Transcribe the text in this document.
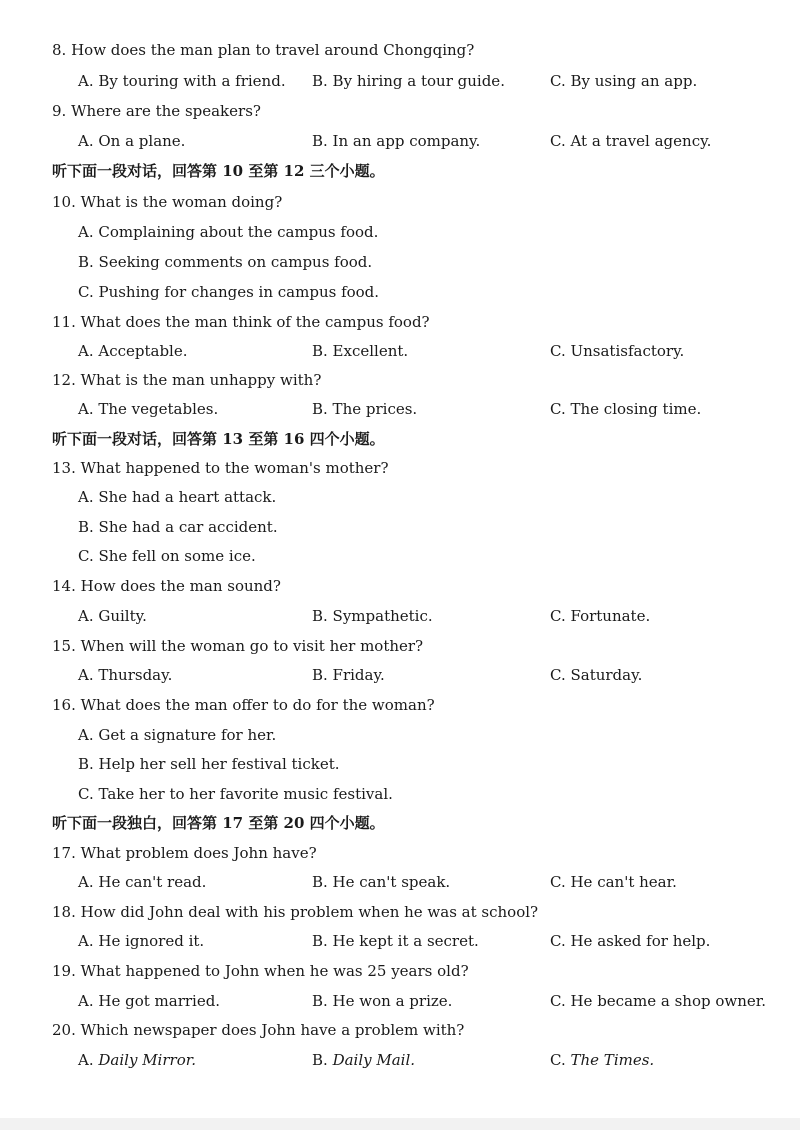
8. How does the man plan to travel around Chongqing?
A. By touring with a friend. B. By hiring a tour guide.	C. By using an app.
9. Where are the speakers?
A. On a plane.	B. In an app company.	C. At a travel agency.
听下面一段对话，回答第 10 至第 12 三个小题。
10. What is the woman doing?
A. Complaining about the campus food.
B. Seeking comments on campus food.
C. Pushing for changes in campus food.
11. What does the man think of the campus food?
A. Acceptable.	B. Excellent.	C. Unsatisfactory.
12. What is the man unhappy with?
A. The vegetables.	B. The prices.	C. The closing time.
听下面一段对话，回答第 13 至第 16 四个小题。
13. What happened to the woman's mother?
A. She had a heart attack.
B. She had a car accident.
C. She fell on some ice.
14. How does the man sound?
A. Guilty.	B. Sympathetic.	C. Fortunate.
15. When will the woman go to visit her mother?
A. Thursday.	B. Friday.	C. Saturday.
16. What does the man offer to do for the woman?
A. Get a signature for her.
B. Help her sell her festival ticket.
C. Take her to her favorite music festival.
听下面一段独白，回答第 17 至第 20 四个小题。
17. What problem does John have?
A. He can't read.	B. He can't speak.	C. He can't hear.
18. How did John deal with his problem when he was at school?
A. He ignored it.	B. He kept it a secret.	C. He asked for help.
19. What happened to John when he was 25 years old?
A. He got married.	B. He won a prize.	C. He became a shop owner.
20. Which newspaper does John have a problem with?
A. Daily Mirror.	B. Daily Mail.	C. The Times.
